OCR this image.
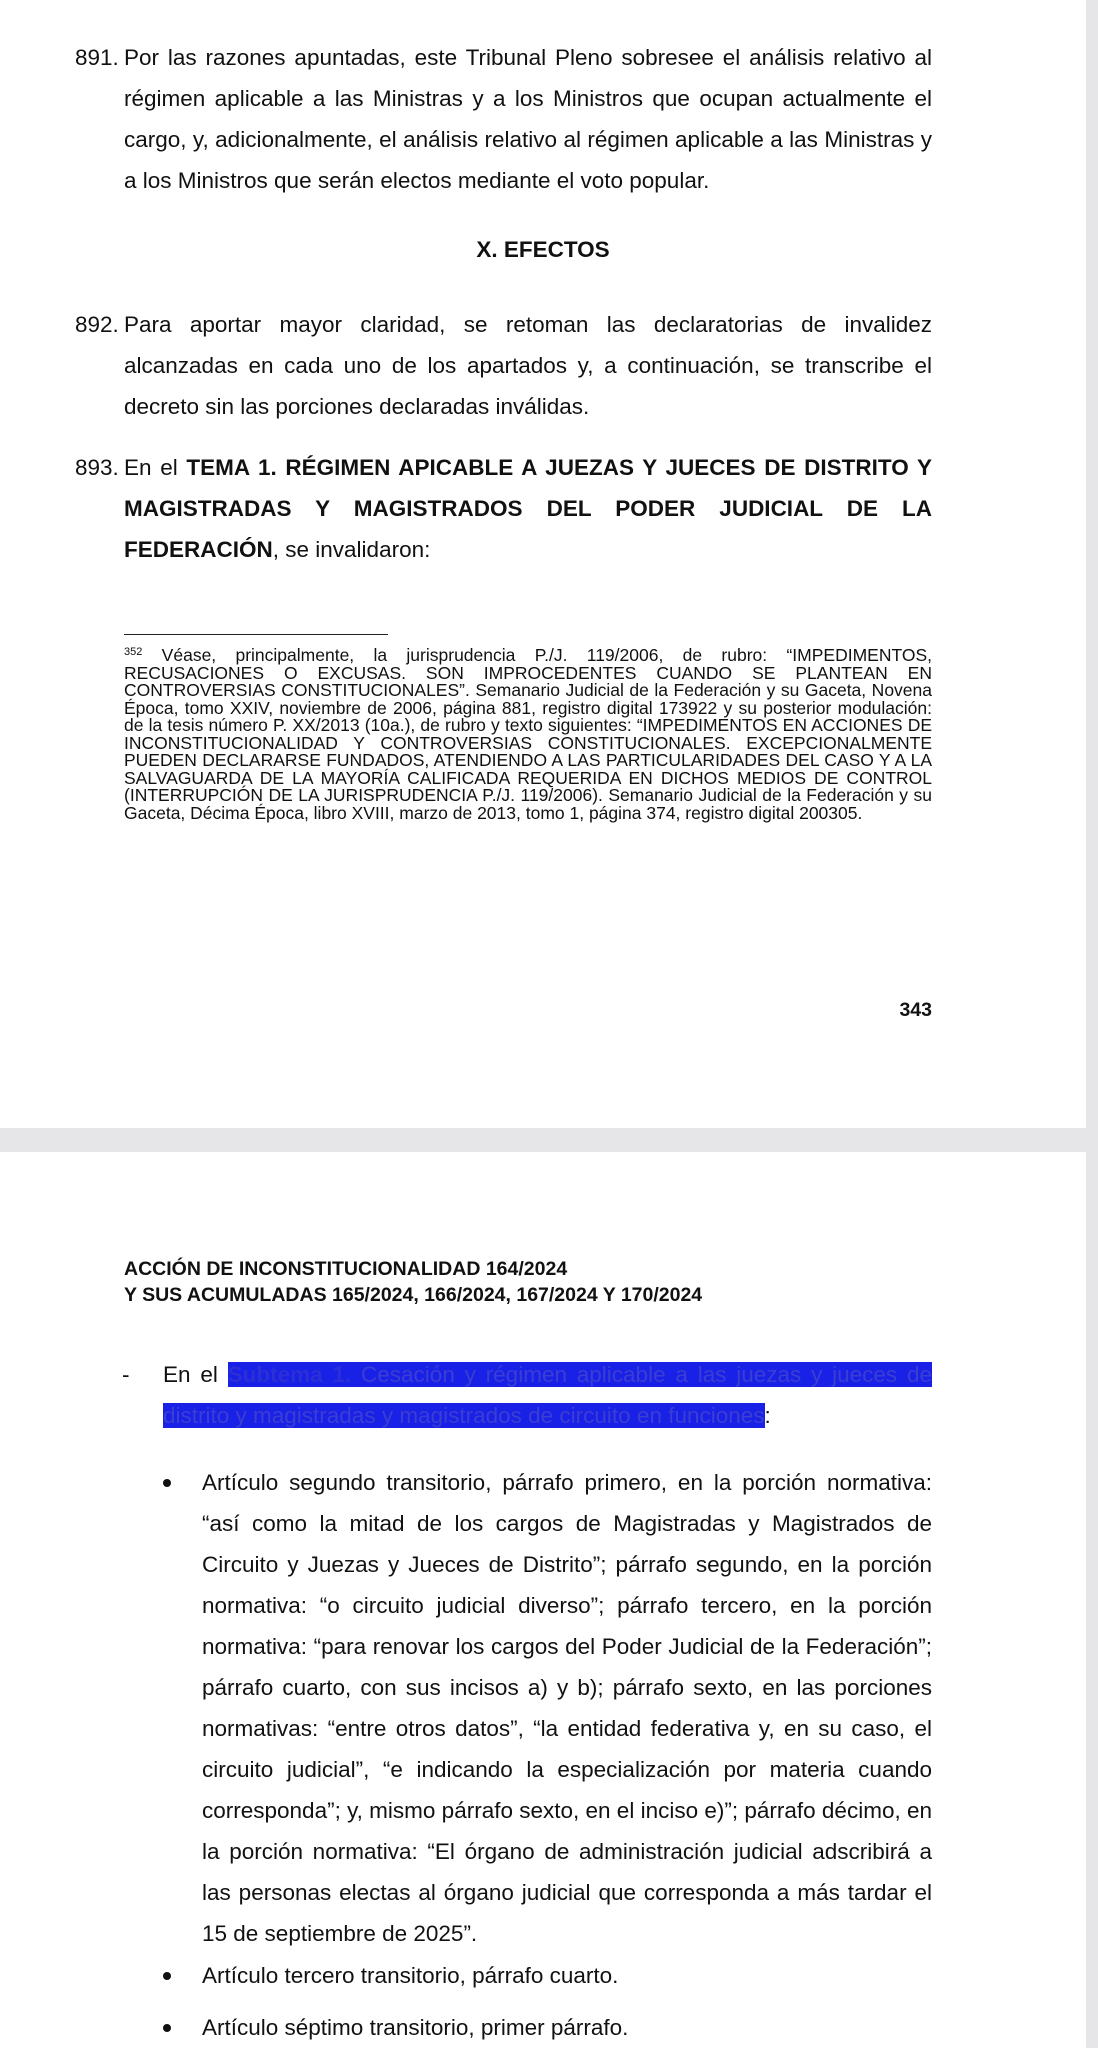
891. Por las razones apuntadas, este Tribunal Pleno sobresee el análisis relativo al régimen aplicable a las Ministras y a los Ministros que ocupan actualmente el cargo, y, adicionalmente, el análisis relativo al régimen aplicable a las Ministras y a los Ministros que serán electos mediante el voto popular.
X. EFECTOS
892. Para aportar mayor claridad, se retoman las declaratorias de invalidez alcanzadas en cada uno de los apartados y, a continuación, se transcribe el decreto sin las porciones declaradas inválidas.
893. En el TEMA 1. RÉGIMEN APICABLE A JUEZAS Y JUECES DE DISTRITO Y MAGISTRADAS Y MAGISTRADOS DEL PODER JUDICIAL DE LA FEDERACIÓN, se invalidaron:
$^{352}$ Véase, principalmente, la jurisprudencia P./J. 119/2006, de rubro: “IMPEDIMENTOS, RECUSACIONES O EXCUSAS. SON IMPROCEDENTES CUANDO SE PLANTEAN EN CONTROVERSIAS CONSTITUCIONALES”. Semanario Judicial de la Federación y su Gaceta, Novena Época, tomo XXIV, noviembre de 2006, página 881, registro digital 173922 y su posterior modulación: de la tesis número P. XX/2013 (10a.), de rubro y texto siguientes: “IMPEDIMENTOS EN ACCIONES DE INCONSTITUCIONALIDAD Y CONTROVERSIAS CONSTITUCIONALES. EXCEPCIONALMENTE PUEDEN DECLARARSE FUNDADOS, ATENDIENDO A LAS PARTICULARIDADES DEL CASO Y A LA SALVAGUARDA DE LA MAYORÍA CALIFICADA REQUERIDA EN DICHOS MEDIOS DE CONTROL (INTERRUPCIÓN DE LA JURISPRUDENCIA P./J. 119/2006). Semanario Judicial de la Federación y su Gaceta, Décima Época, libro XVIII, marzo de 2013, tomo 1, página 374, registro digital 200305.
343
ACCIÓN DE INCONSTITUCIONALIDAD 164/2024
Y SUS ACUMULADAS 165/2024, 166/2024, 167/2024 Y 170/2024
- En el Subtema 1. Cesación y régimen aplicable a las juezas y jueces de distrito y magistradas y magistrados de circuito en funciones:
Artículo segundo transitorio, párrafo primero, en la porción normativa: “así como la mitad de los cargos de Magistradas y Magistrados de Circuito y Juezas y Jueces de Distrito”; párrafo segundo, en la porción normativa: “o circuito judicial diverso”; párrafo tercero, en la porción normativa: “para renovar los cargos del Poder Judicial de la Federación”; párrafo cuarto, con sus incisos a) y b); párrafo sexto, en las porciones normativas: “entre otros datos”, “la entidad federativa y, en su caso, el circuito judicial”, “e indicando la especialización por materia cuando corresponda”; y, mismo párrafo sexto, en el inciso e)”; párrafo décimo, en la porción normativa: “El órgano de administración judicial adscribirá a las personas electas al órgano judicial que corresponda a más tardar el 15 de septiembre de 2025”.
Artículo tercero transitorio, párrafo cuarto.
Artículo séptimo transitorio, primer párrafo.
